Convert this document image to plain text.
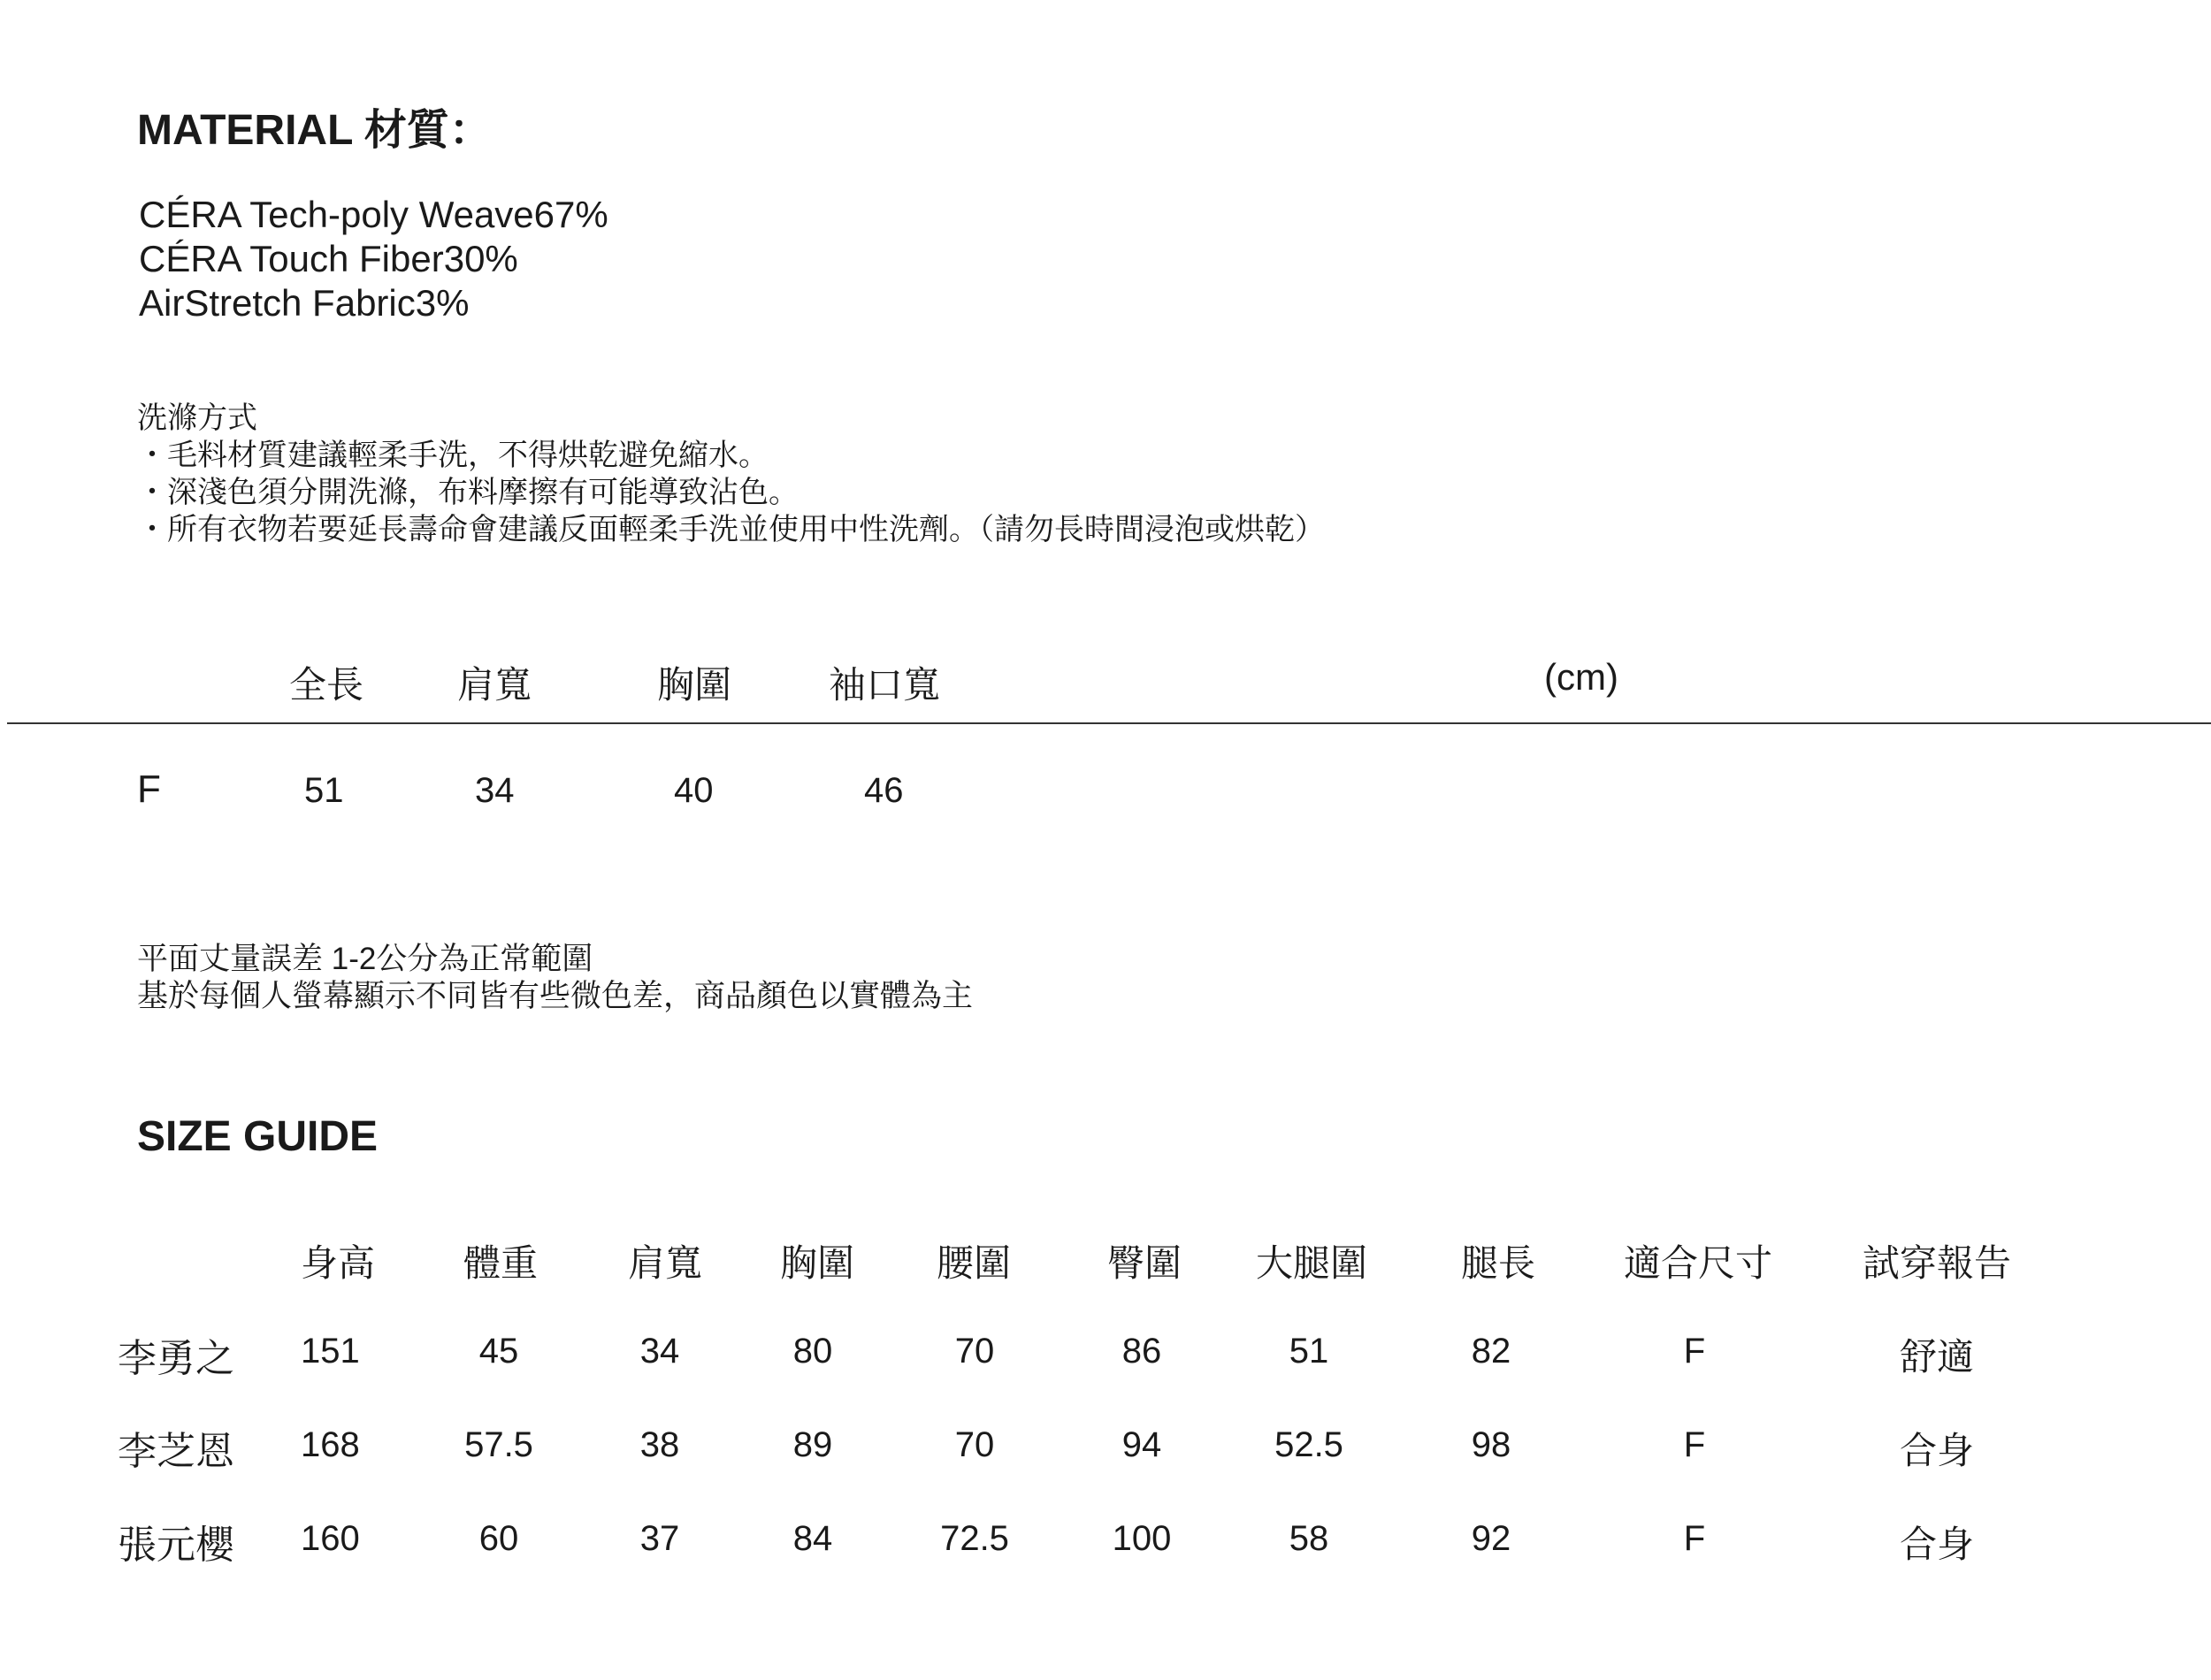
MATERIAL 材質：
CÉRA Tech-poly Weave67%
CÉRA Touch Fiber30%
AirStretch Fabric3%
洗滌方式
・毛料材質建議輕柔手洗，不得烘乾避免縮水。
・深淺色須分開洗滌，布料摩擦有可能導致沾色。
・所有衣物若要延長壽命會建議反面輕柔手洗並使用中性洗劑。（請勿長時間浸泡或烘乾）
全長	肩寬	胸圍	袖口寬	(cm)
F	51	34	40	46
平面丈量誤差 1-2公分為正常範圍
基於每個人螢幕顯示不同皆有些微色差，商品顏色以實體為主
SIZE GUIDE
身高 體重 肩寬 胸圍 腰圍	臀圍 大腿圍	腿長 適合尺寸 試穿報告
李勇之 151	45	34	80	70	86	51	82	F	舒適
李芝恩 168	57.5	38	89	70	94	52.5	98	F	合身
張元櫻 160	60	37	84	72.5	100	58	92	F	合身
